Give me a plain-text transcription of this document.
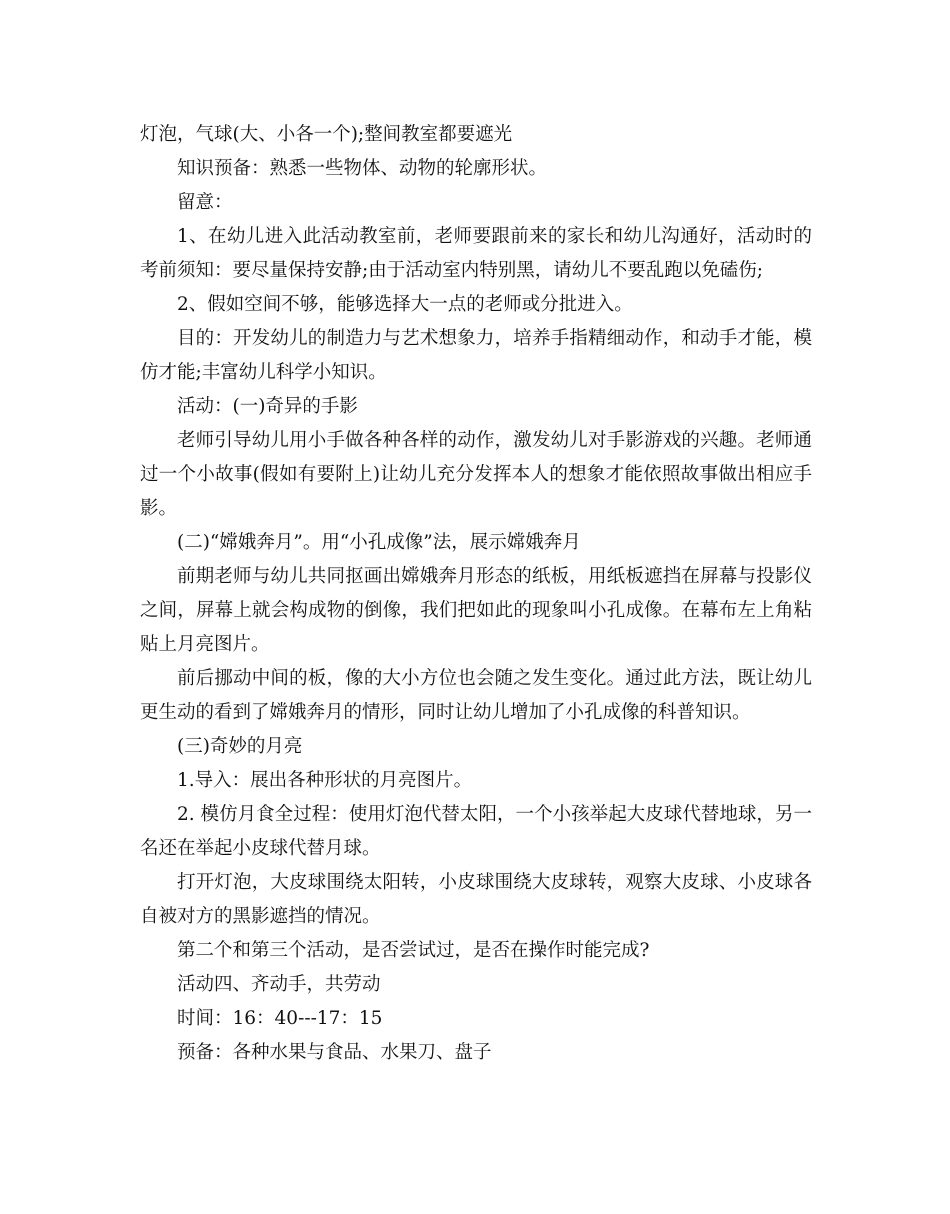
灯泡，气球(大、小各一个);整间教室都要遮光

知识预备：熟悉一些物体、动物的轮廓形状。

留意：

1、在幼儿进入此活动教室前，老师要跟前来的家长和幼儿沟通好，活动时的考前须知：要尽量保持安静;由于活动室内特别黑，请幼儿不要乱跑以免磕伤;

2、假如空间不够，能够选择大一点的老师或分批进入。

目的：开发幼儿的制造力与艺术想象力，培养手指精细动作，和动手才能，模仿才能;丰富幼儿科学小知识。

活动：(一)奇异的手影

老师引导幼儿用小手做各种各样的动作，激发幼儿对手影游戏的兴趣。老师通过一个小故事(假如有要附上)让幼儿充分发挥本人的想象才能依照故事做出相应手影。

(二)“嫦娥奔月”。用“小孔成像”法，展示嫦娥奔月

前期老师与幼儿共同抠画出嫦娥奔月形态的纸板，用纸板遮挡在屏幕与投影仪之间，屏幕上就会构成物的倒像，我们把如此的现象叫小孔成像。在幕布左上角粘贴上月亮图片。

前后挪动中间的板，像的大小方位也会随之发生变化。通过此方法，既让幼儿更生动的看到了嫦娥奔月的情形，同时让幼儿增加了小孔成像的科普知识。

(三)奇妙的月亮

1.导入：展出各种形状的月亮图片。

2. 模仿月食全过程：使用灯泡代替太阳，一个小孩举起大皮球代替地球，另一名还在举起小皮球代替月球。

打开灯泡，大皮球围绕太阳转，小皮球围绕大皮球转，观察大皮球、小皮球各自被对方的黑影遮挡的情况。

第二个和第三个活动，是否尝试过，是否在操作时能完成?

活动四、齐动手，共劳动

时间：16：40---17：15

预备：各种水果与食品、水果刀、盘子
